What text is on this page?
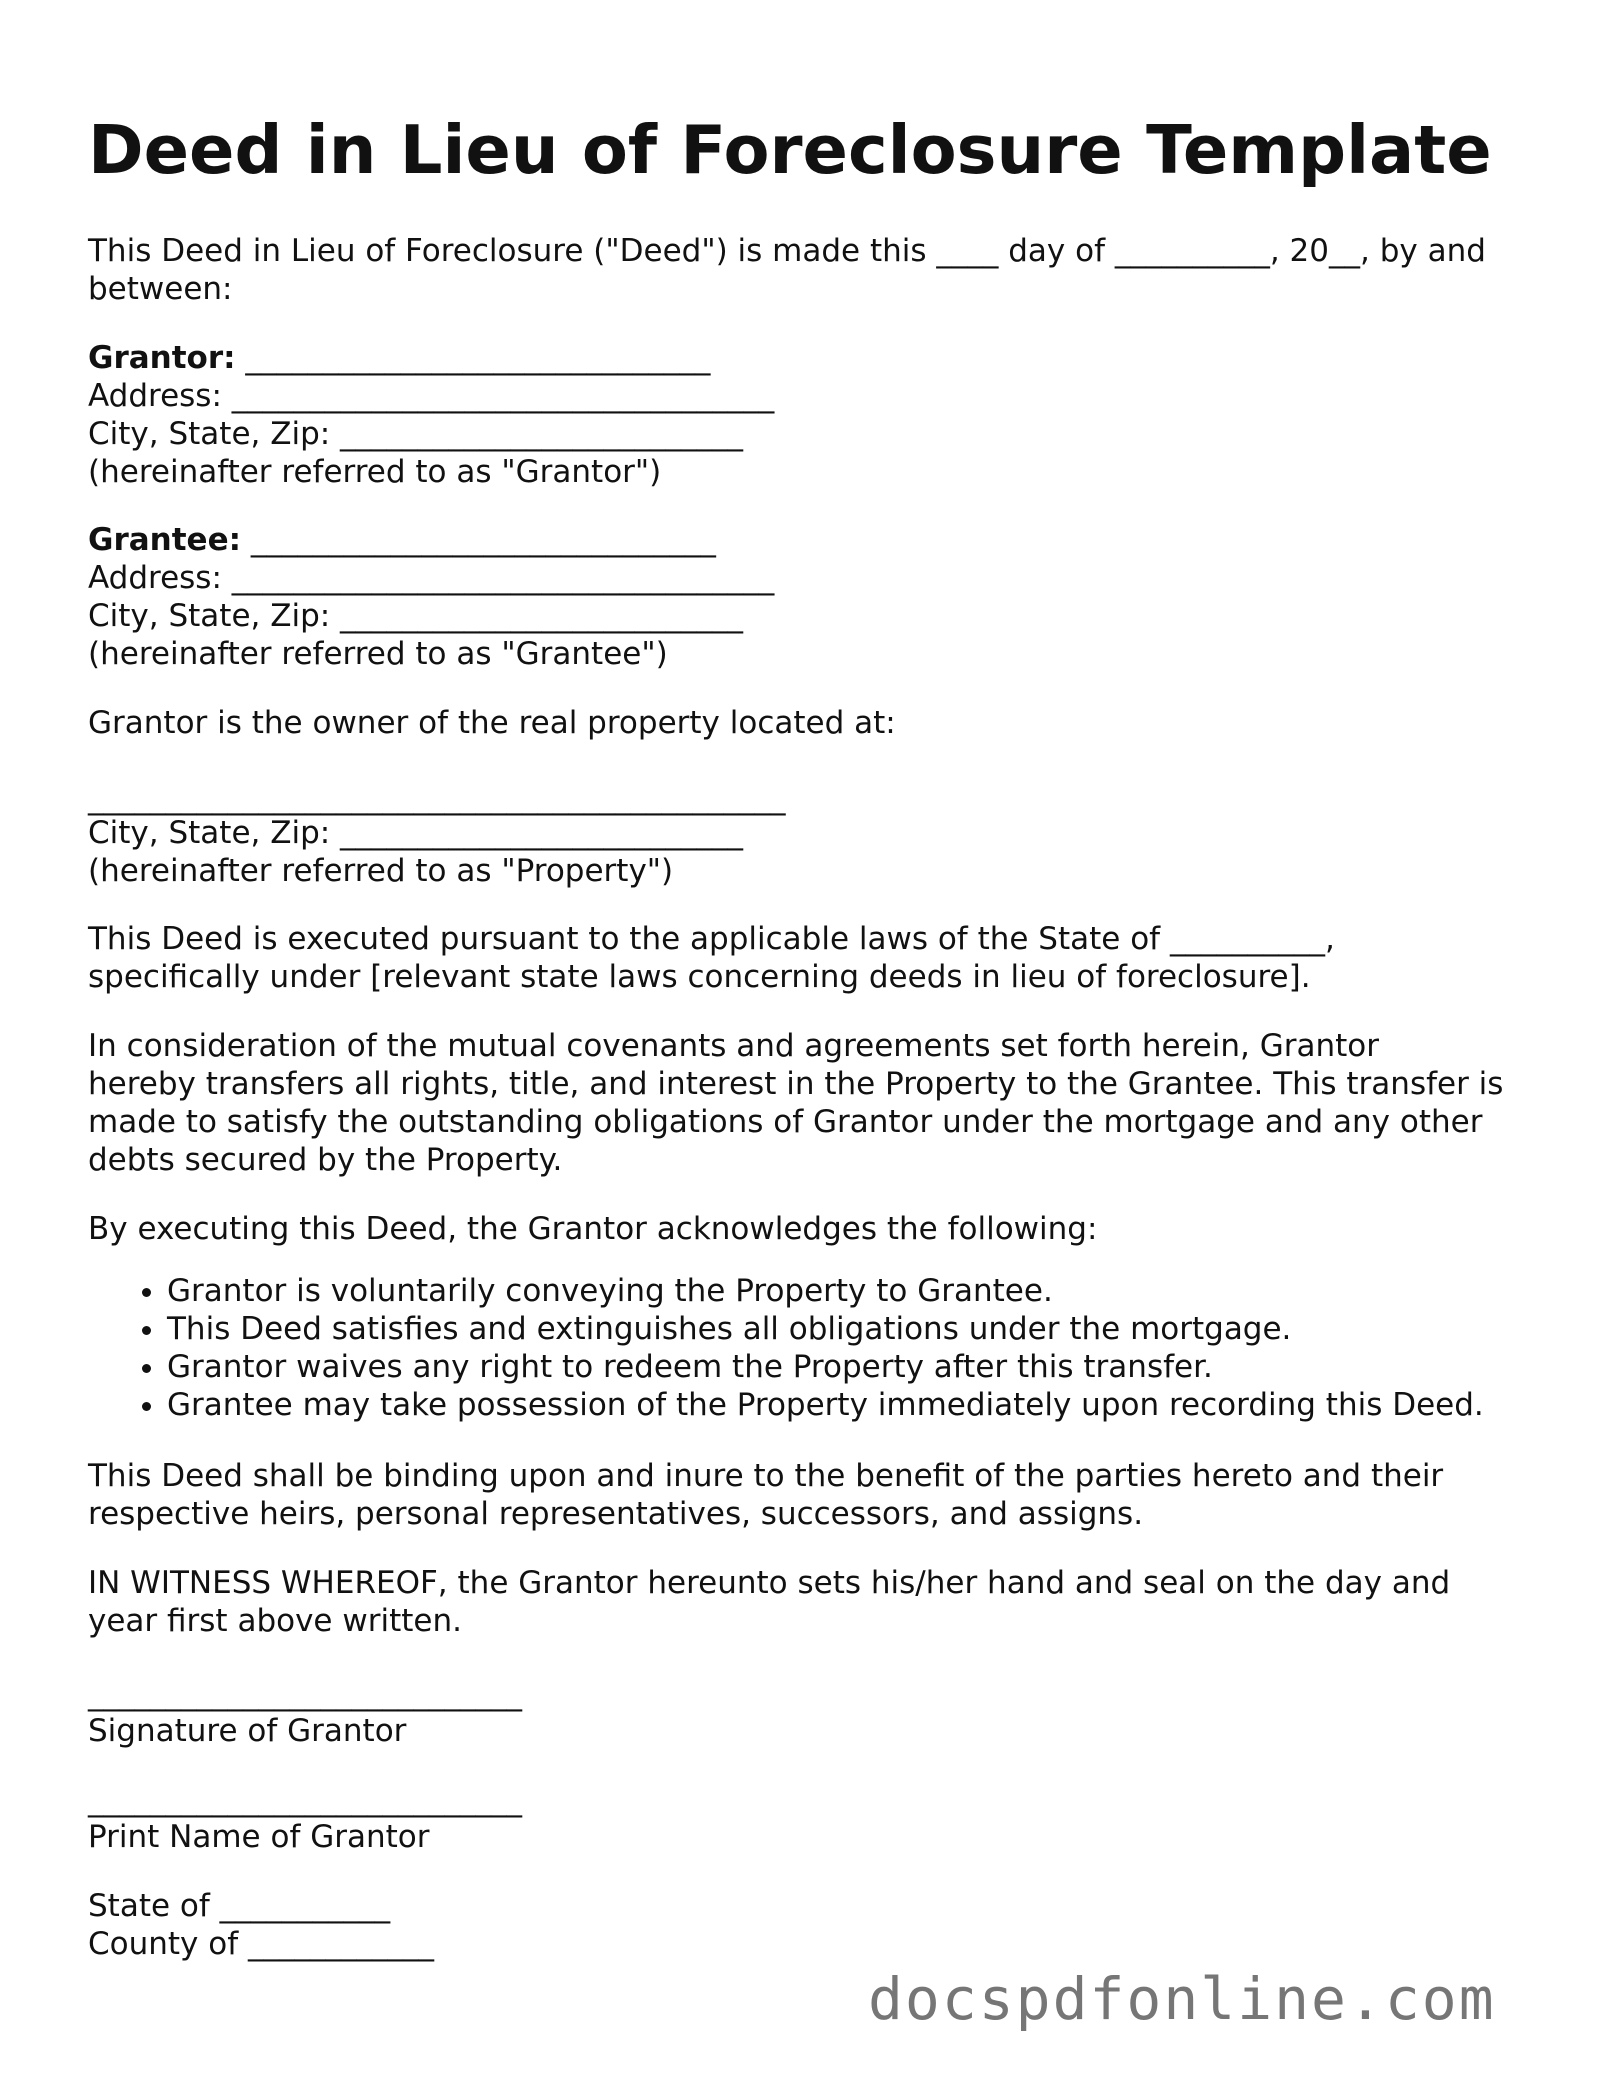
Deed in Lieu of Foreclosure Template

This Deed in Lieu of Foreclosure ("Deed") is made this ____ day of __________, 20__, by and

between:

Grantor: ______________________________

Address: ___________________________________

City, State, Zip: __________________________

(hereinafter referred to as "Grantor")

Grantee: ______________________________

Address: ___________________________________

City, State, Zip: __________________________

(hereinafter referred to as "Grantee")

Grantor is the owner of the real property located at:

_____________________________________________

City, State, Zip: __________________________

(hereinafter referred to as "Property")

This Deed is executed pursuant to the applicable laws of the State of __________,

specifically under [relevant state laws concerning deeds in lieu of foreclosure].

In consideration of the mutual covenants and agreements set forth herein, Grantor

hereby transfers all rights, title, and interest in the Property to the Grantee. This transfer is

made to satisfy the outstanding obligations of Grantor under the mortgage and any other

debts secured by the Property.

By executing this Deed, the Grantor acknowledges the following:

• Grantor is voluntarily conveying the Property to Grantee.
• This Deed satisfies and extinguishes all obligations under the mortgage.
• Grantor waives any right to redeem the Property after this transfer.
• Grantee may take possession of the Property immediately upon recording this Deed.

This Deed shall be binding upon and inure to the benefit of the parties hereto and their

respective heirs, personal representatives, successors, and assigns.

IN WITNESS WHEREOF, the Grantor hereunto sets his/her hand and seal on the day and

year first above written.

____________________________

Signature of Grantor

____________________________

Print Name of Grantor

State of ___________

County of ____________

docspdfonline.com
